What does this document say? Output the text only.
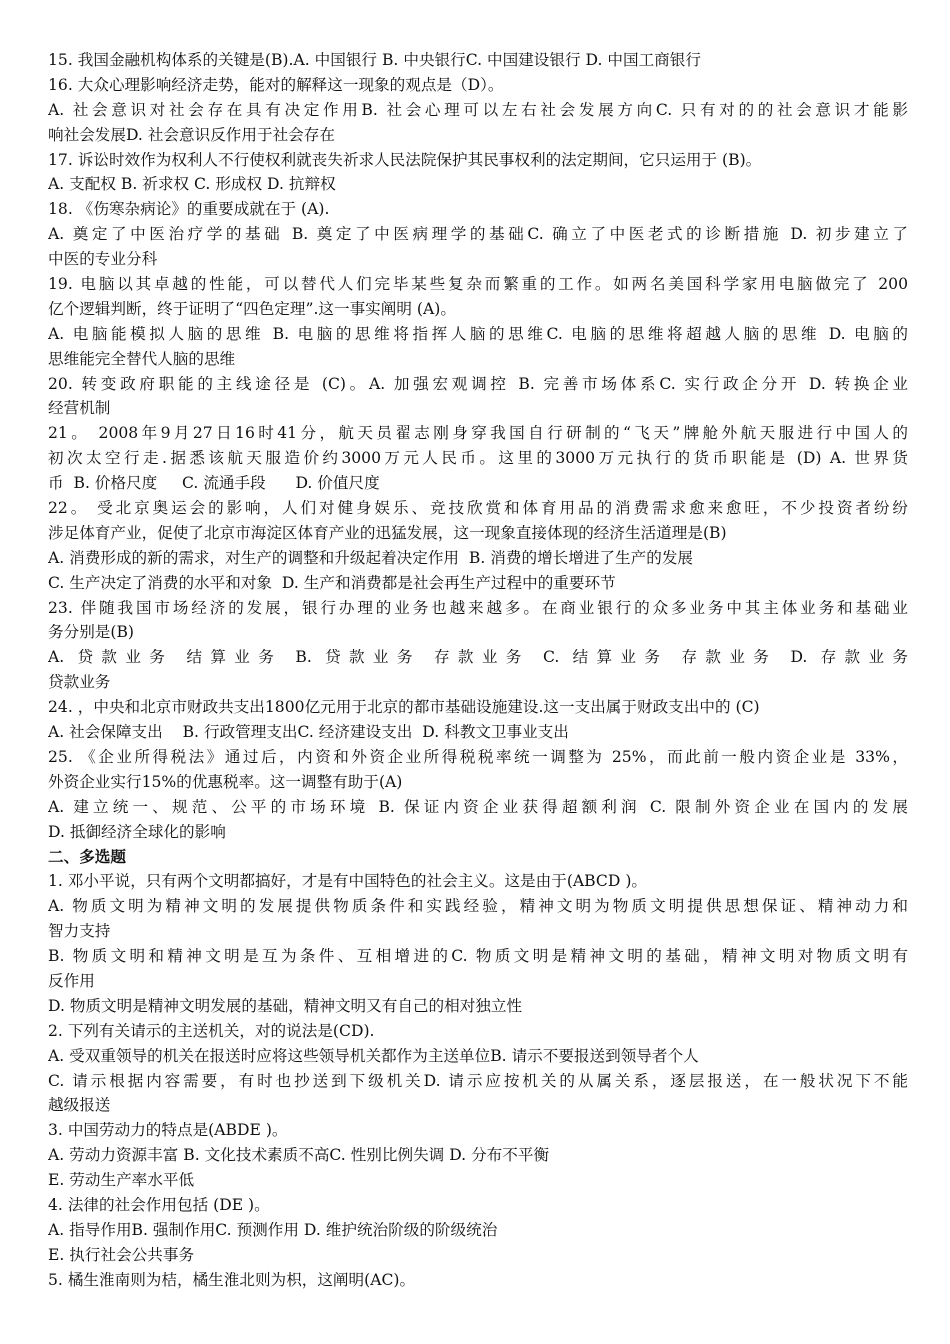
15. 我国金融机构体系的关键是(B).A. 中国银行 B. 中央银行C. 中国建设银行 D. 中国工商银行
16. 大众心理影响经济走势，能对的解释这一现象的观点是（D）。
A. 社会意识对社会存在具有决定作用B. 社会心理可以左右社会发展方向C. 只有对的的社会意识才能影
响社会发展D. 社会意识反作用于社会存在
17. 诉讼时效作为权利人不行使权利就丧失祈求人民法院保护其民事权利的法定期间，它只运用于 (B)。
A. 支配权 B. 祈求权 C. 形成权 D. 抗辩权
18. 《伤寒杂病论》的重要成就在于 (A).
A. 奠定了中医治疗学的基础 B. 奠定了中医病理学的基础C. 确立了中医老式的诊断措施 D. 初步建立了
中医的专业分科
19. 电脑以其卓越的性能，可以替代人们完毕某些复杂而繁重的工作。如两名美国科学家用电脑做完了 200
亿个逻辑判断，终于证明了“四色定理”.这一事实阐明 (A)。
A. 电脑能模拟人脑的思维 B. 电脑的思维将指挥人脑的思维C. 电脑的思维将超越人脑的思维 D. 电脑的
思维能完全替代人脑的思维
20. 转变政府职能的主线途径是 (C)。A. 加强宏观调控 B. 完善市场体系C. 实行政企分开 D. 转换企业
经营机制
21。 2008年9月27日16时41分，航天员翟志刚身穿我国自行研制的“飞天”牌舱外航天服进行中国人的
初次太空行走.据悉该航天服造价约3000万元人民币。这里的3000万元执行的货币职能是 (D) A. 世界货
币  B. 价格尺度     C. 流通手段      D. 价值尺度
22。 受北京奥运会的影响，人们对健身娱乐、竞技欣赏和体育用品的消费需求愈来愈旺，不少投资者纷纷
涉足体育产业，促使了北京市海淀区体育产业的迅猛发展，这一现象直接体现的经济生活道理是(B)
A. 消费形成的新的需求，对生产的调整和升级起着决定作用  B. 消费的增长增进了生产的发展
C. 生产决定了消费的水平和对象  D. 生产和消费都是社会再生产过程中的重要环节
23. 伴随我国市场经济的发展，银行办理的业务也越来越多。在商业银行的众多业务中其主体业务和基础业
务分别是(B)
A. 贷款业务 结算业务 B. 贷款业务 存款业务 C. 结算业务 存款业务 D. 存款业务
贷款业务
24. ，中央和北京市财政共支出1800亿元用于北京的都市基础设施建设.这一支出属于财政支出中的 (C)
A. 社会保障支出    B. 行政管理支出C. 经济建设支出  D. 科教文卫事业支出
25. 《企业所得税法》通过后，内资和外资企业所得税税率统一调整为 25%，而此前一般内资企业是 33%，
外资企业实行15%的优惠税率。这一调整有助于(A)
A. 建立统一、规范、公平的市场环境 B. 保证内资企业获得超额利润 C. 限制外资企业在国内的发展
D. 抵御经济全球化的影响
二、多选题
1. 邓小平说，只有两个文明都搞好，才是有中国特色的社会主义。这是由于(ABCD )。
A. 物质文明为精神文明的发展提供物质条件和实践经验，精神文明为物质文明提供思想保证、精神动力和
智力支持
B. 物质文明和精神文明是互为条件、互相增进的C. 物质文明是精神文明的基础，精神文明对物质文明有
反作用
D. 物质文明是精神文明发展的基础，精神文明又有自己的相对独立性
2. 下列有关请示的主送机关，对的说法是(CD).
A. 受双重领导的机关在报送时应将这些领导机关都作为主送单位B. 请示不要报送到领导者个人
C. 请示根据内容需要，有时也抄送到下级机关D. 请示应按机关的从属关系，逐层报送，在一般状况下不能
越级报送
3. 中国劳动力的特点是(ABDE )。
A. 劳动力资源丰富 B. 文化技术素质不高C. 性别比例失调 D. 分布不平衡
E. 劳动生产率水平低
4. 法律的社会作用包括 (DE )。
A. 指导作用B. 强制作用C. 预测作用 D. 维护统治阶级的阶级统治
E. 执行社会公共事务
5. 橘生淮南则为桔，橘生淮北则为枳，这阐明(AC)。
